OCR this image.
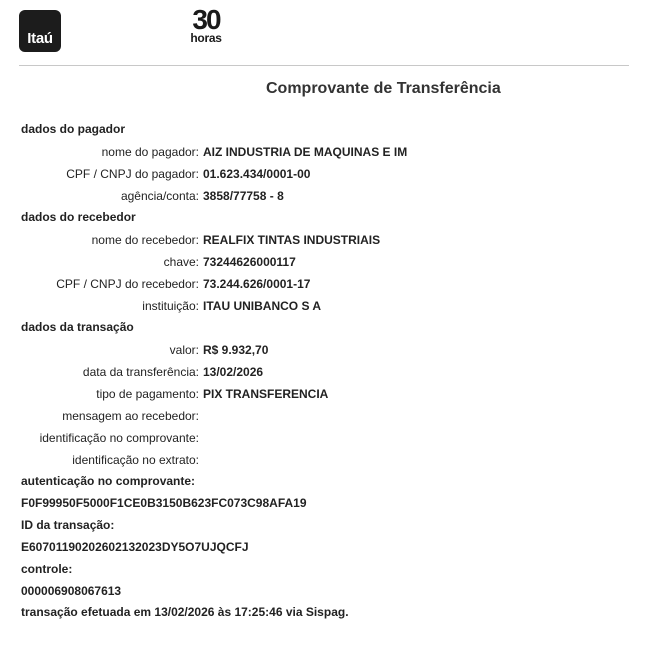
Itaú
30
horas
Comprovante de Transferência
dados do pagador
nome do pagador: AIZ INDUSTRIA DE MAQUINAS E IM
CPF / CNPJ do pagador: 01.623.434/0001-00
agência/conta: 3858/77758 - 8
dados do recebedor
nome do recebedor: REALFIX TINTAS INDUSTRIAIS
chave: 73244626000117
CPF / CNPJ do recebedor: 73.244.626/0001-17
instituição: ITAU UNIBANCO S A
dados da transação
valor: R$ 9.932,70
data da transferência: 13/02/2026
tipo de pagamento: PIX TRANSFERENCIA
mensagem ao recebedor:
identificação no comprovante:
identificação no extrato:
autenticação no comprovante:
F0F99950F5000F1CE0B3150B623FC073C98AFA19
ID da transação:
E60701190202602132023DY5O7UJQCFJ
controle:
000006908067613
transação efetuada em 13/02/2026 às 17:25:46 via Sispag.
